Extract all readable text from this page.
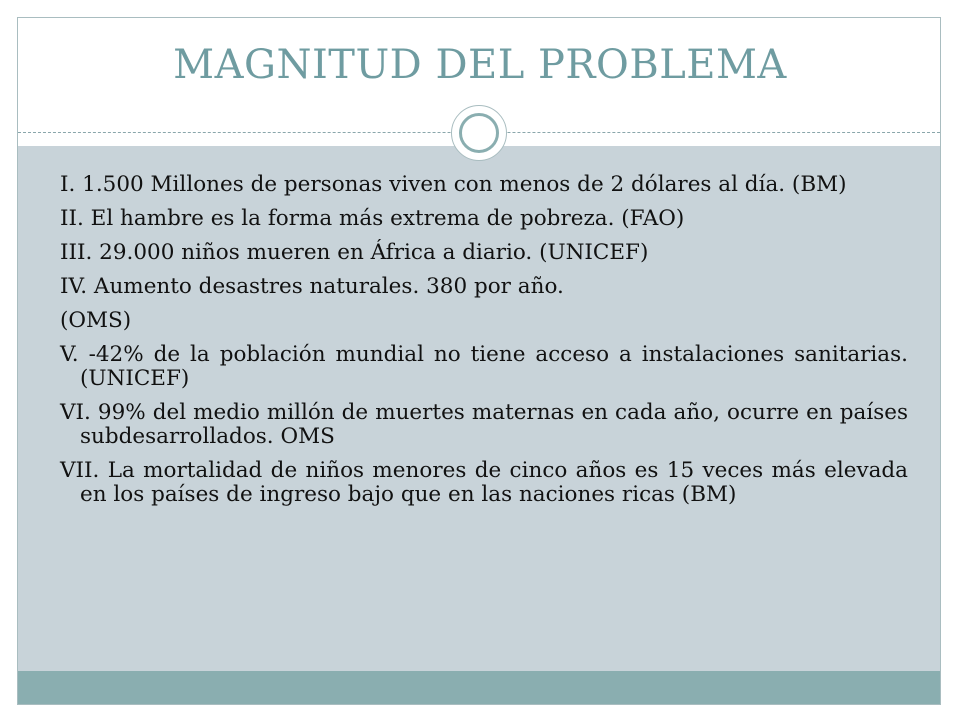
MAGNITUD DEL PROBLEMA

I. 1.500 Millones de personas viven con menos de 2 dólares al día. (BM)

II. El hambre es la forma más extrema de pobreza. (FAO)

III. 29.000 niños mueren en África a diario. (UNICEF)

IV. Aumento desastres naturales. 380 por año.

(OMS)

V. -42% de la población mundial no tiene acceso a instalaciones sanitarias. (UNICEF)

VI. 99% del medio millón de muertes maternas en cada año, ocurre en países subdesarrollados. OMS

VII. La mortalidad de niños menores de cinco años es 15 veces más elevada en los países de ingreso bajo que en las naciones ricas (BM)
